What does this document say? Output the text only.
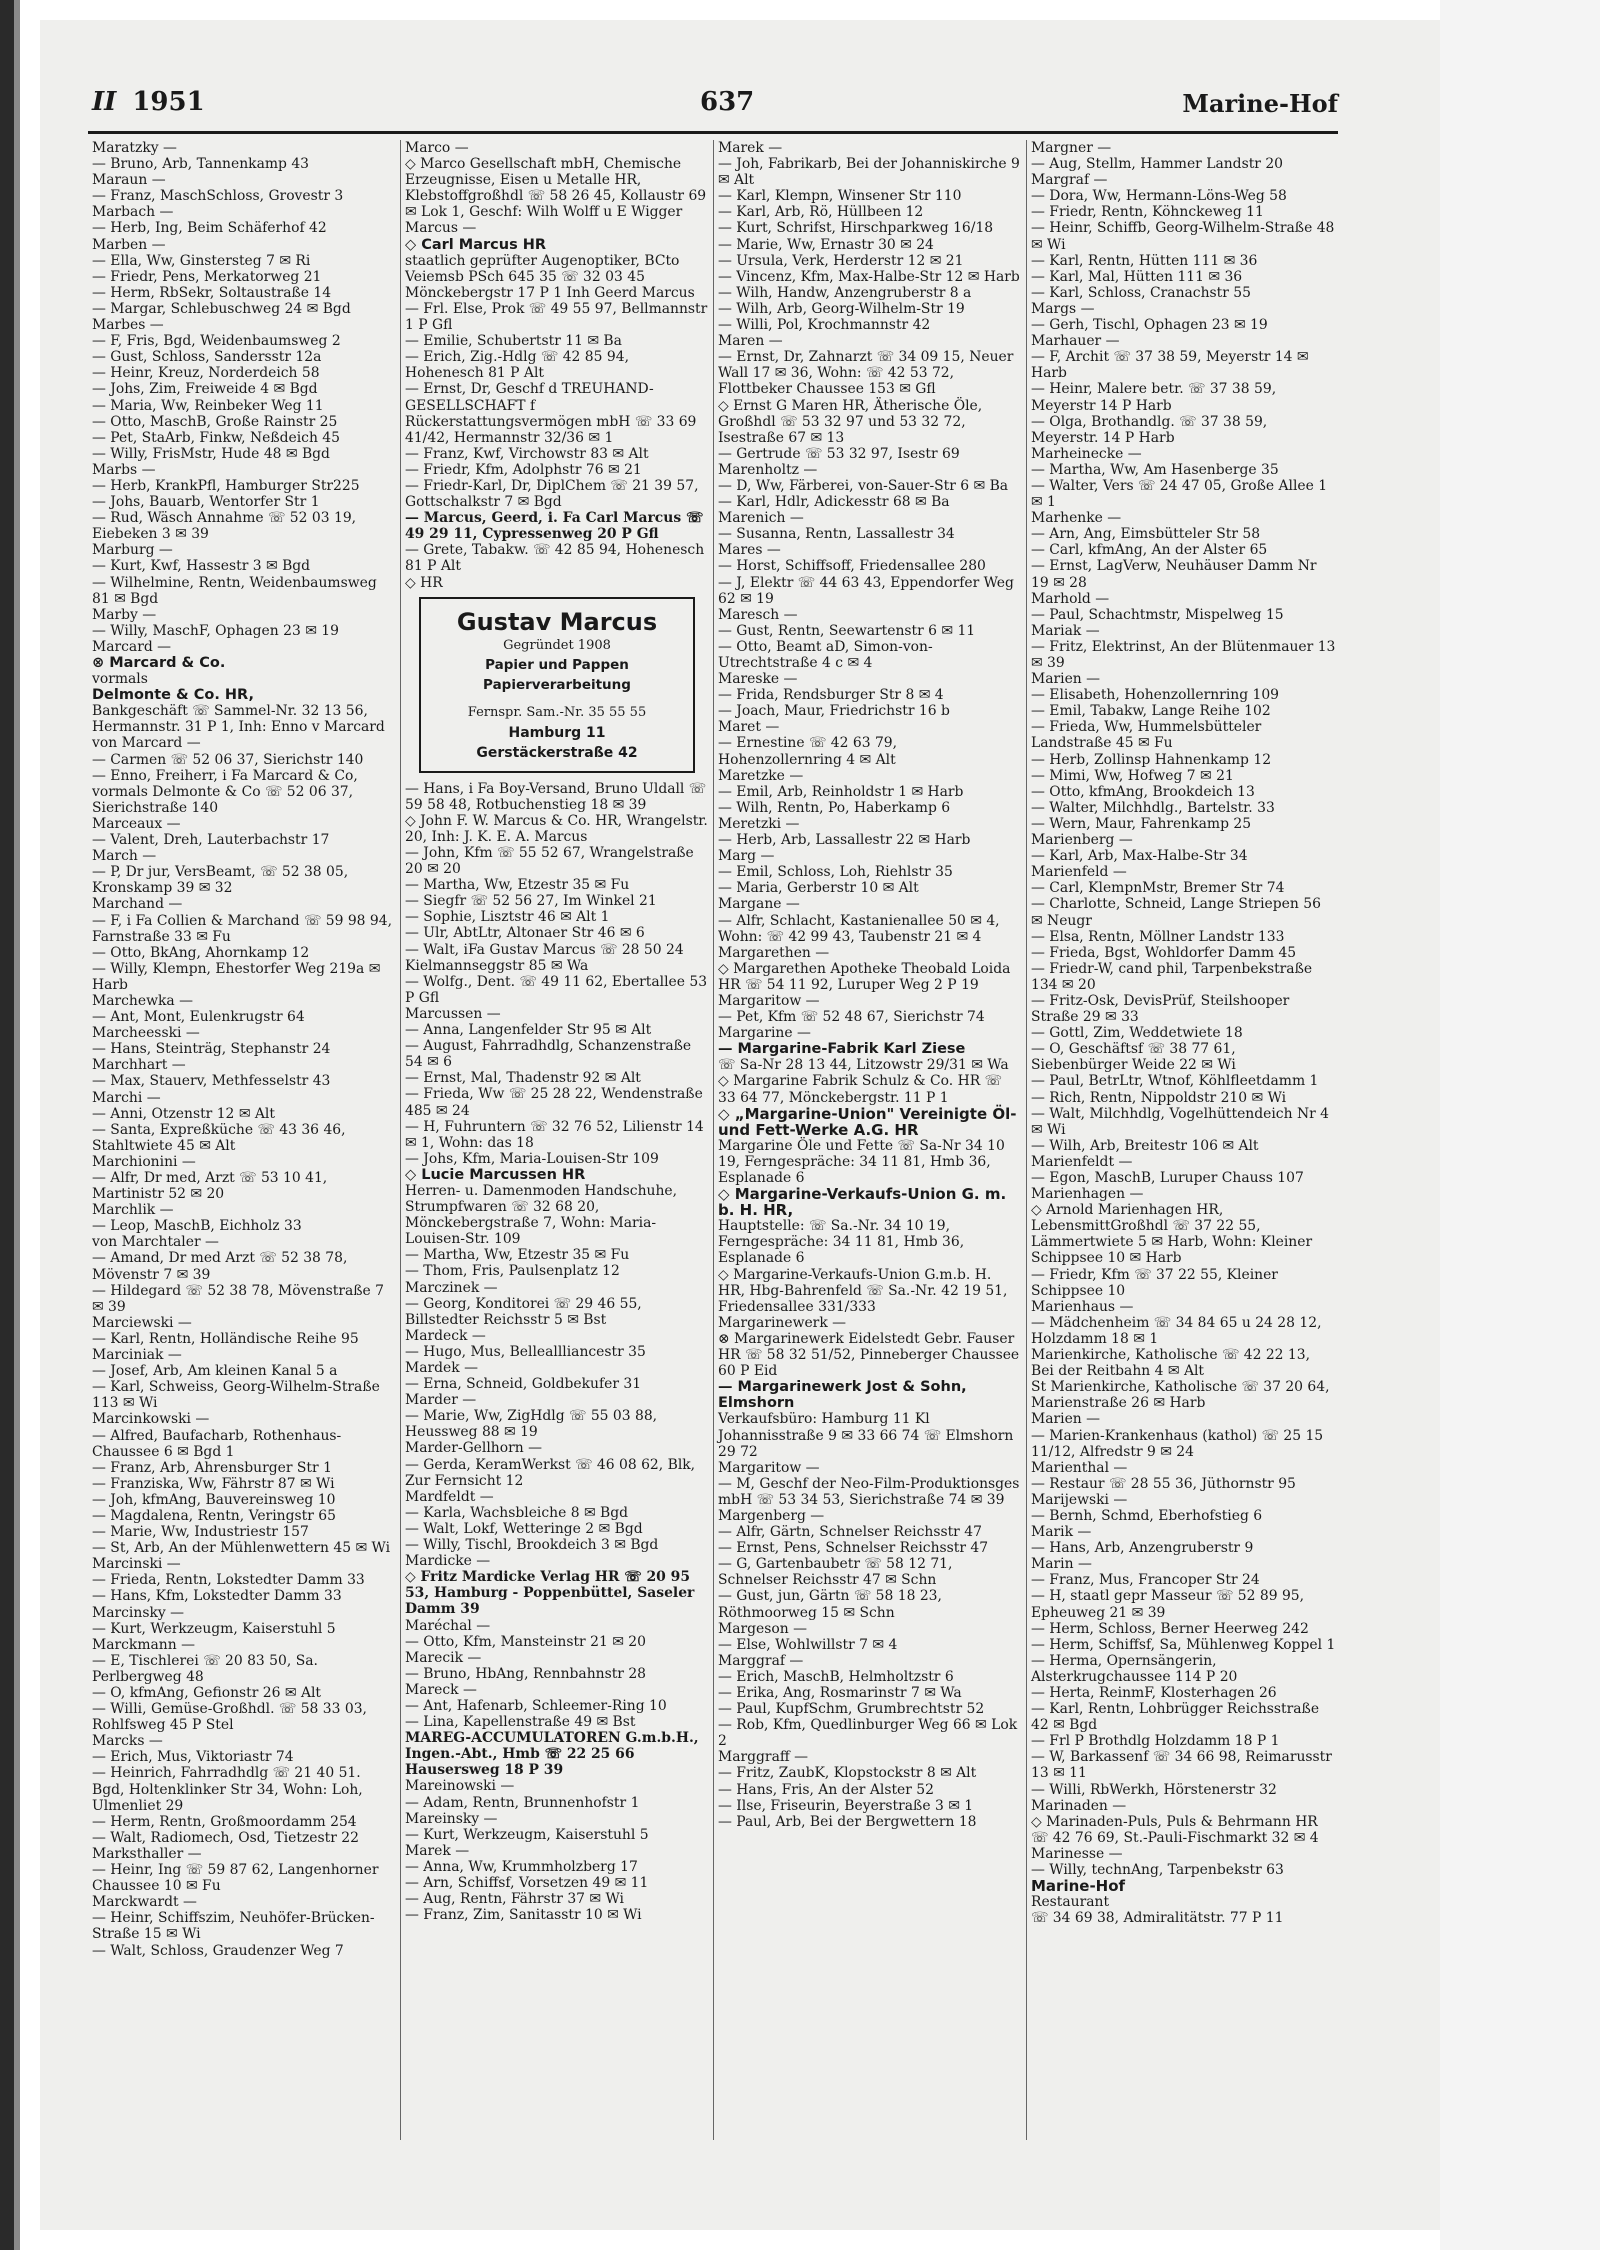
II 1951	637	Marine-Hof
Maratzky —
— Bruno, Arb, Tannenkamp 43
Maraun —
— Franz, MaschSchloss, Grovestr 3
Marbach —
— Herb, Ing, Beim Schäferhof 42
Marben —
— Ella, Ww, Ginstersteg 7 ✉ Ri
— Friedr, Pens, Merkatorweg 21
— Herm, RbSekr, Soltaustraße 14
— Margar, Schlebuschweg 24 ✉ Bgd
Marbes —
— F, Fris, Bgd, Weidenbaumsweg 2
— Gust, Schloss, Sandersstr 12a
— Heinr, Kreuz, Norderdeich 58
— Johs, Zim, Freiweide 4 ✉ Bgd
— Maria, Ww, Reinbeker Weg 11
— Otto, MaschB, Große Rainstr 25
— Pet, StaArb, Finkw, Neßdeich 45
— Willy, FrisMstr, Hude 48 ✉ Bgd
Marbs —
— Herb, KrankPfl, Hamburger Str225
— Johs, Bauarb, Wentorfer Str 1
— Rud, Wäsch Annahme ☏ 52 03 19, Eiebeken 3 ✉ 39
Marburg —
— Kurt, Kwf, Hassestr 3 ✉ Bgd
— Wilhelmine, Rentn, Weidenbaumsweg 81 ✉ Bgd
Marby —
— Willy, MaschF, Ophagen 23 ✉ 19
Marcard —
⊗ Marcard & Co.
vormals
Delmonte & Co. HR,
Bankgeschäft ☏ Sammel-Nr. 32 13 56, Hermannstr. 31 P 1, Inh: Enno v Marcard
von Marcard —
— Carmen ☏ 52 06 37, Sierichstr 140
— Enno, Freiherr, i Fa Marcard & Co, vormals Delmonte & Co ☏ 52 06 37, Sierichstraße 140
Marceaux —
— Valent, Dreh, Lauterbachstr 17
March —
— P, Dr jur, VersBeamt, ☏ 52 38 05, Kronskamp 39 ✉ 32
Marchand —
— F, i Fa Collien & Marchand ☏ 59 98 94, Farnstraße 33 ✉ Fu
— Otto, BkAng, Ahornkamp 12
— Willy, Klempn, Ehestorfer Weg 219a ✉ Harb
Marchewka —
— Ant, Mont, Eulenkrugstr 64
Marcheesski —
— Hans, Steinträg, Stephanstr 24
Marchhart —
— Max, Stauerv, Methfesselstr 43
Marchi —
— Anni, Otzenstr 12 ✉ Alt
— Santa, Expreßküche ☏ 43 36 46, Stahltwiete 45 ✉ Alt
Marchionini —
— Alfr, Dr med, Arzt ☏ 53 10 41, Martinistr 52 ✉ 20
Marchlik —
— Leop, MaschB, Eichholz 33
von Marchtaler —
— Amand, Dr med Arzt ☏ 52 38 78, Mövenstr 7 ✉ 39
— Hildegard ☏ 52 38 78, Mövenstraße 7 ✉ 39
Marciewski —
— Karl, Rentn, Holländische Reihe 95
Marciniak —
— Josef, Arb, Am kleinen Kanal 5 a
— Karl, Schweiss, Georg-Wilhelm-Straße 113 ✉ Wi
Marcinkowski —
— Alfred, Baufacharb, Rothenhaus-Chaussee 6 ✉ Bgd 1
— Franz, Arb, Ahrensburger Str 1
— Franziska, Ww, Fährstr 87 ✉ Wi
— Joh, kfmAng, Bauvereinsweg 10
— Magdalena, Rentn, Veringstr 65
— Marie, Ww, Industriestr 157
— St, Arb, An der Mühlenwettern 45 ✉ Wi
Marcinski —
— Frieda, Rentn, Lokstedter Damm 33
— Hans, Kfm, Lokstedter Damm 33
Marcinsky —
— Kurt, Werkzeugm, Kaiserstuhl 5
Marckmann —
— E, Tischlerei ☏ 20 83 50, Sa. Perlbergweg 48
— O, kfmAng, Gefionstr 26 ✉ Alt
— Willi, Gemüse-Großhdl. ☏ 58 33 03, Rohlfsweg 45 P Stel
Marcks —
— Erich, Mus, Viktoriastr 74
— Heinrich, Fahrradhdlg ☏ 21 40 51. Bgd, Holtenklinker Str 34, Wohn: Loh, Ulmenliet 29
— Herm, Rentn, Großmoordamm 254
— Walt, Radiomech, Osd, Tietzestr 22
Marksthaller —
— Heinr, Ing ☏ 59 87 62, Langenhorner Chaussee 10 ✉ Fu
Marckwardt —
— Heinr, Schiffszim, Neuhöfer-Brücken-Straße 15 ✉ Wi
— Walt, Schloss, Graudenzer Weg 7
Marco —
◇ Marco Gesellschaft mbH, Chemische Erzeugnisse, Eisen u Metalle HR, Klebstoffgroßhdl ☏ 58 26 45, Kollaustr 69 ✉ Lok 1, Geschf: Wilh Wolff u E Wigger
Marcus —
◇ Carl Marcus HR
staatlich geprüfter Augenoptiker, BCto Veiemsb PSch 645 35 ☏ 32 03 45 Mönckebergstr 17 P 1 Inh Geerd Marcus
— Frl. Else, Prok ☏ 49 55 97, Bellmannstr 1 P Gfl
— Emilie, Schubertstr 11 ✉ Ba
— Erich, Zig.-Hdlg ☏ 42 85 94, Hohenesch 81 P Alt
— Ernst, Dr, Geschf d TREUHAND-GESELLSCHAFT f Rückerstattungsvermögen mbH ☏ 33 69 41/42, Hermannstr 32/36 ✉ 1
— Franz, Kwf, Virchowstr 83 ✉ Alt
— Friedr, Kfm, Adolphstr 76 ✉ 21
— Friedr-Karl, Dr, DiplChem ☏ 21 39 57, Gottschalkstr 7 ✉ Bgd
— Marcus, Geerd, i. Fa Carl Marcus ☏ 49 29 11, Cypressenweg 20 P Gfl
— Grete, Tabakw. ☏ 42 85 94, Hohenesch 81 P Alt
◇ HR
Gustav Marcus
Gegründet 1908
Papier und Pappen
Papierverarbeitung
Fernspr. Sam.-Nr. 35 55 55
Hamburg 11
Gerstäckerstraße 42
— Hans, i Fa Boy-Versand, Bruno Uldall ☏ 59 58 48, Rotbuchenstieg 18 ✉ 39
◇ John F. W. Marcus & Co. HR, Wrangelstr. 20, Inh: J. K. E. A. Marcus
— John, Kfm ☏ 55 52 67, Wrangelstraße 20 ✉ 20
— Martha, Ww, Etzestr 35 ✉ Fu
— Siegfr ☏ 52 56 27, Im Winkel 21
— Sophie, Lisztstr 46 ✉ Alt 1
— Ulr, AbtLtr, Altonaer Str 46 ✉ 6
— Walt, iFa Gustav Marcus ☏ 28 50 24 Kielmannseggstr 85 ✉ Wa
— Wolfg., Dent. ☏ 49 11 62, Ebertallee 53 P Gfl
Marcussen —
— Anna, Langenfelder Str 95 ✉ Alt
— August, Fahrradhdlg, Schanzenstraße 54 ✉ 6
— Ernst, Mal, Thadenstr 92 ✉ Alt
— Frieda, Ww ☏ 25 28 22, Wendenstraße 485 ✉ 24
— H, Fuhruntern ☏ 32 76 52, Lilienstr 14 ✉ 1, Wohn: das 18
— Johs, Kfm, Maria-Louisen-Str 109
◇ Lucie Marcussen HR
Herren- u. Damenmoden Handschuhe, Strumpfwaren ☏ 32 68 20, Mönckebergstraße 7, Wohn: Maria-Louisen-Str. 109
— Martha, Ww, Etzestr 35 ✉ Fu
— Thom, Fris, Paulsenplatz 12
Marczinek —
— Georg, Konditorei ☏ 29 46 55, Billstedter Reichsstr 5 ✉ Bst
Mardeck —
— Hugo, Mus, Belleallliancestr 35
Mardek —
— Erna, Schneid, Goldbekufer 31
Marder —
— Marie, Ww, ZigHdlg ☏ 55 03 88, Heussweg 88 ✉ 19
Marder-Gellhorn —
— Gerda, KeramWerkst ☏ 46 08 62, Blk, Zur Fernsicht 12
Mardfeldt —
— Karla, Wachsbleiche 8 ✉ Bgd
— Walt, Lokf, Wetteringe 2 ✉ Bgd
— Willy, Tischl, Brookdeich 3 ✉ Bgd
Mardicke —
◇ Fritz Mardicke Verlag HR ☏ 20 95 53, Hamburg - Poppenbüttel, Saseler Damm 39
Maréchal —
— Otto, Kfm, Mansteinstr 21 ✉ 20
Marecik —
— Bruno, HbAng, Rennbahnstr 28
Mareck —
— Ant, Hafenarb, Schleemer-Ring 10
— Lina, Kapellenstraße 49 ✉ Bst
MAREG-ACCUMULATOREN G.m.b.H., Ingen.-Abt., Hmb ☏ 22 25 66 Hausersweg 18 P 39
Mareinowski —
— Adam, Rentn, Brunnenhofstr 1
Mareinsky —
— Kurt, Werkzeugm, Kaiserstuhl 5
Marek —
— Anna, Ww, Krummholzberg 17
— Arn, Schiffsf, Vorsetzen 49 ✉ 11
— Aug, Rentn, Fährstr 37 ✉ Wi
— Franz, Zim, Sanitasstr 10 ✉ Wi
Marek —
— Joh, Fabrikarb, Bei der Johanniskirche 9 ✉ Alt
— Karl, Klempn, Winsener Str 110
— Karl, Arb, Rö, Hüllbeen 12
— Kurt, Schrifst, Hirschparkweg 16/18
— Marie, Ww, Ernastr 30 ✉ 24
— Ursula, Verk, Herderstr 12 ✉ 21
— Vincenz, Kfm, Max-Halbe-Str 12 ✉ Harb
— Wilh, Handw, Anzengruberstr 8 a
— Wilh, Arb, Georg-Wilhelm-Str 19
— Willi, Pol, Krochmannstr 42
Maren —
— Ernst, Dr, Zahnarzt ☏ 34 09 15, Neuer Wall 17 ✉ 36, Wohn: ☏ 42 53 72, Flottbeker Chaussee 153 ✉ Gfl
◇ Ernst G Maren HR, Ätherische Öle, Großhdl ☏ 53 32 97 und 53 32 72, Isestraße 67 ✉ 13
— Gertrude ☏ 53 32 97, Isestr 69
Marenholtz —
— D, Ww, Färberei, von-Sauer-Str 6 ✉ Ba
— Karl, Hdlr, Adickesstr 68 ✉ Ba
Marenich —
— Susanna, Rentn, Lassallestr 34
Mares —
— Horst, Schiffsoff, Friedensallee 280
— J, Elektr ☏ 44 63 43, Eppendorfer Weg 62 ✉ 19
Maresch —
— Gust, Rentn, Seewartenstr 6 ✉ 11
— Otto, Beamt aD, Simon-von-Utrechtstraße 4 c ✉ 4
Mareske —
— Frida, Rendsburger Str 8 ✉ 4
— Joach, Maur, Friedrichstr 16 b
Maret —
— Ernestine ☏ 42 63 79, Hohenzollernring 4 ✉ Alt
Maretzke —
— Emil, Arb, Reinholdstr 1 ✉ Harb
— Wilh, Rentn, Po, Haberkamp 6
Meretzki —
— Herb, Arb, Lassallestr 22 ✉ Harb
Marg —
— Emil, Schloss, Loh, Riehlstr 35
— Maria, Gerberstr 10 ✉ Alt
Margane —
— Alfr, Schlacht, Kastanienallee 50 ✉ 4, Wohn: ☏ 42 99 43, Taubenstr 21 ✉ 4
Margarethen —
◇ Margarethen Apotheke Theobald Loida HR ☏ 54 11 92, Luruper Weg 2 P 19
Margaritow —
— Pet, Kfm ☏ 52 48 67, Sierichstr 74
Margarine —
— Margarine-Fabrik Karl Ziese
☏ Sa-Nr 28 13 44, Litzowstr 29/31 ✉ Wa
◇ Margarine Fabrik Schulz & Co. HR ☏ 33 64 77, Mönckebergstr. 11 P 1
◇ „Margarine-Union" Vereinigte Öl- und Fett-Werke A.G. HR
Margarine Öle und Fette ☏ Sa-Nr 34 10 19, Ferngespräche: 34 11 81, Hmb 36, Esplanade 6
◇ Margarine-Verkaufs-Union G. m. b. H. HR,
Hauptstelle: ☏ Sa.-Nr. 34 10 19, Ferngespräche: 34 11 81, Hmb 36, Esplanade 6
◇ Margarine-Verkaufs-Union G.m.b. H. HR, Hbg-Bahrenfeld ☏ Sa.-Nr. 42 19 51, Friedensallee 331/333
Margarinewerk —
⊗ Margarinewerk Eidelstedt Gebr. Fauser HR ☏ 58 32 51/52, Pinneberger Chaussee 60 P Eid
— Margarinewerk Jost & Sohn, Elmshorn
Verkaufsbüro: Hamburg 11 Kl Johannisstraße 9 ✉ 33 66 74 ☏ Elmshorn 29 72
Margaritow —
— M, Geschf der Neo-Film-Produktionsges mbH ☏ 53 34 53, Sierichstraße 74 ✉ 39
Margenberg —
— Alfr, Gärtn, Schnelser Reichsstr 47
— Ernst, Pens, Schnelser Reichsstr 47
— G, Gartenbaubetr ☏ 58 12 71, Schnelser Reichsstr 47 ✉ Schn
— Gust, jun, Gärtn ☏ 58 18 23, Röthmoorweg 15 ✉ Schn
Margeson —
— Else, Wohlwillstr 7 ✉ 4
Marggraf —
— Erich, MaschB, Helmholtzstr 6
— Erika, Ang, Rosmarinstr 7 ✉ Wa
— Paul, KupfSchm, Grumbrechtstr 52
— Rob, Kfm, Quedlinburger Weg 66 ✉ Lok 2
Marggraff —
— Fritz, ZaubK, Klopstockstr 8 ✉ Alt
— Hans, Fris, An der Alster 52
— Ilse, Friseurin, Beyerstraße 3 ✉ 1
— Paul, Arb, Bei der Bergwettern 18
Margner —
— Aug, Stellm, Hammer Landstr 20
Margraf —
— Dora, Ww, Hermann-Löns-Weg 58
— Friedr, Rentn, Köhnckeweg 11
— Heinr, Schiffb, Georg-Wilhelm-Straße 48 ✉ Wi
— Karl, Rentn, Hütten 111 ✉ 36
— Karl, Mal, Hütten 111 ✉ 36
— Karl, Schloss, Cranachstr 55
Margs —
— Gerh, Tischl, Ophagen 23 ✉ 19
Marhauer —
— F, Archit ☏ 37 38 59, Meyerstr 14 ✉ Harb
— Heinr, Malere betr. ☏ 37 38 59, Meyerstr 14 P Harb
— Olga, Brothandlg. ☏ 37 38 59, Meyerstr. 14 P Harb
Marheinecke —
— Martha, Ww, Am Hasenberge 35
— Walter, Vers ☏ 24 47 05, Große Allee 1 ✉ 1
Marhenke —
— Arn, Ang, Eimsbütteler Str 58
— Carl, kfmAng, An der Alster 65
— Ernst, LagVerw, Neuhäuser Damm Nr 19 ✉ 28
Marhold —
— Paul, Schachtmstr, Mispelweg 15
Mariak —
— Fritz, Elektrinst, An der Blütenmauer 13 ✉ 39
Marien —
— Elisabeth, Hohenzollernring 109
— Emil, Tabakw, Lange Reihe 102
— Frieda, Ww, Hummelsbütteler Landstraße 45 ✉ Fu
— Herb, Zollinsp Hahnenkamp 12
— Mimi, Ww, Hofweg 7 ✉ 21
— Otto, kfmAng, Brookdeich 13
— Walter, Milchhdlg., Bartelstr. 33
— Wern, Maur, Fahrenkamp 25
Marienberg —
— Karl, Arb, Max-Halbe-Str 34
Marienfeld —
— Carl, KlempnMstr, Bremer Str 74
— Charlotte, Schneid, Lange Striepen 56 ✉ Neugr
— Elsa, Rentn, Möllner Landstr 133
— Frieda, Bgst, Wohldorfer Damm 45
— Friedr-W, cand phil, Tarpenbekstraße 134 ✉ 20
— Fritz-Osk, DevisPrüf, Steilshooper Straße 29 ✉ 33
— Gottl, Zim, Weddetwiete 18
— O, Geschäftsf ☏ 38 77 61, Siebenbürger Weide 22 ✉ Wi
— Paul, BetrLtr, Wtnof, Köhlfleetdamm 1
— Rich, Rentn, Nippoldstr 210 ✉ Wi
— Walt, Milchhdlg, Vogelhüttendeich Nr 4 ✉ Wi
— Wilh, Arb, Breitestr 106 ✉ Alt
Marienfeldt —
— Egon, MaschB, Luruper Chauss 107
Marienhagen —
◇ Arnold Marienhagen HR, LebensmittGroßhdl ☏ 37 22 55, Lämmertwiete 5 ✉ Harb, Wohn: Kleiner Schippsee 10 ✉ Harb
— Friedr, Kfm ☏ 37 22 55, Kleiner Schippsee 10
Marienhaus —
— Mädchenheim ☏ 34 84 65 u 24 28 12, Holzdamm 18 ✉ 1
Marienkirche, Katholische ☏ 42 22 13, Bei der Reitbahn 4 ✉ Alt
St Marienkirche, Katholische ☏ 37 20 64, Marienstraße 26 ✉ Harb
Marien —
— Marien-Krankenhaus (kathol) ☏ 25 15 11/12, Alfredstr 9 ✉ 24
Marienthal —
— Restaur ☏ 28 55 36, Jüthornstr 95
Marijewski —
— Bernh, Schmd, Eberhofstieg 6
Marik —
— Hans, Arb, Anzengruberstr 9
Marin —
— Franz, Mus, Francoper Str 24
— H, staatl gepr Masseur ☏ 52 89 95, Epheuweg 21 ✉ 39
— Herm, Schloss, Berner Heerweg 242
— Herm, Schiffsf, Sa, Mühlenweg Koppel 1
— Herma, Opernsängerin, Alsterkrugchaussee 114 P 20
— Herta, ReinmF, Klosterhagen 26
— Karl, Rentn, Lohbrügger Reichsstraße 42 ✉ Bgd
— Frl P Brothdlg Holzdamm 18 P 1
— W, Barkassenf ☏ 34 66 98, Reimarusstr 13 ✉ 11
— Willi, RbWerkh, Hörstenerstr 32
Marinaden —
◇ Marinaden-Puls, Puls & Behrmann HR ☏ 42 76 69, St.-Pauli-Fischmarkt 32 ✉ 4
Marinesse —
— Willy, technAng, Tarpenbekstr 63
Marine-Hof
Restaurant
☏ 34 69 38, Admiralitätstr. 77 P 11
